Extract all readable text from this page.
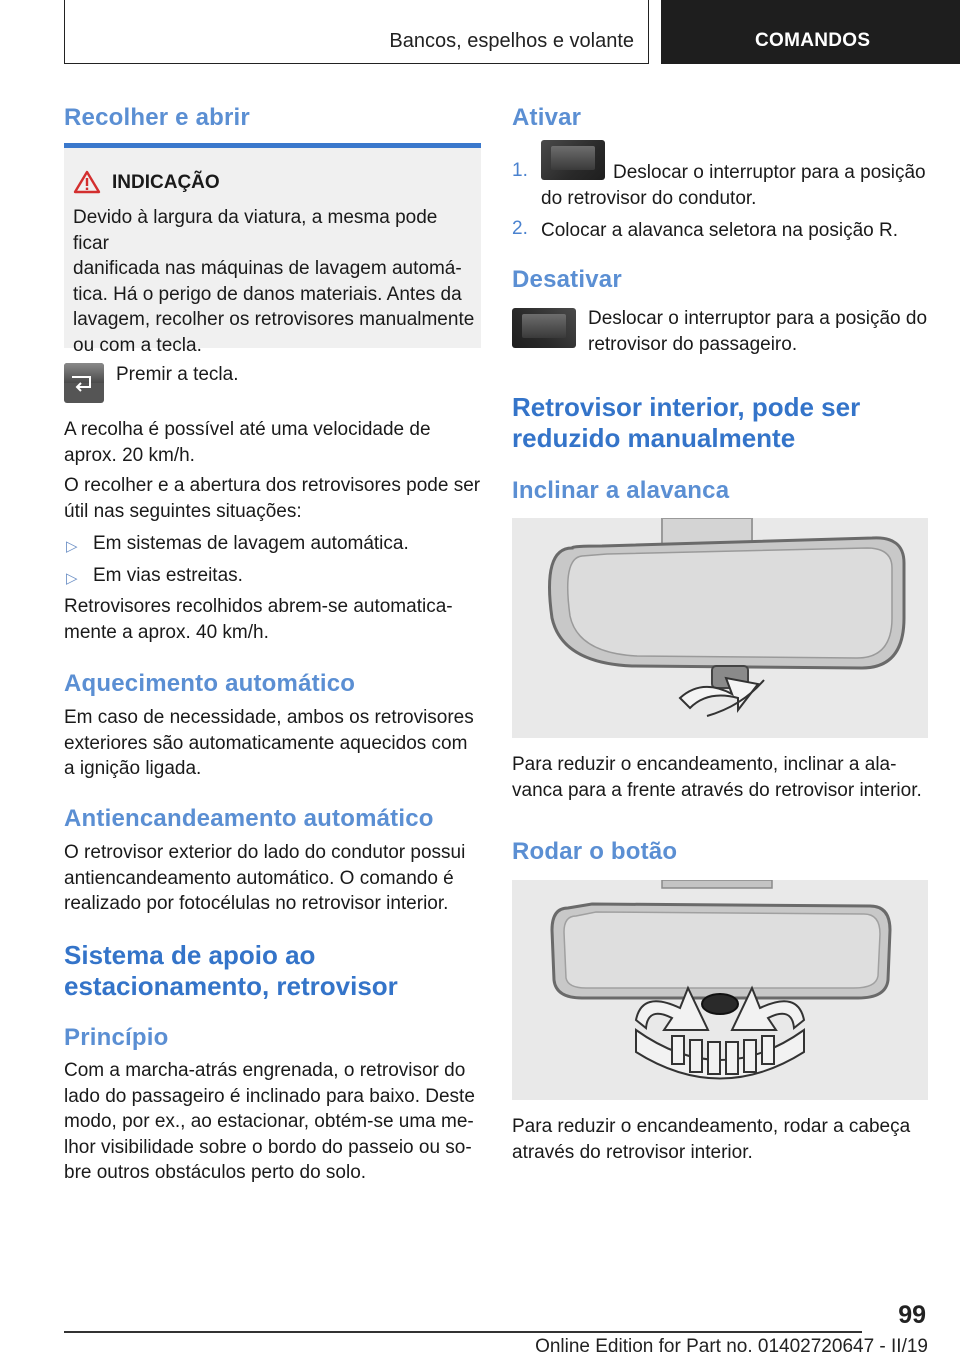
Bancos, espelhos e volante	COMANDOS
Recolher e abrir
INDICAÇÃO

Devido à largura da viatura, a mesma pode ficar
danificada nas máquinas de lavagem automá-
tica. Há o perigo de danos materiais. Antes da
lavagem, recolher os retrovisores manualmente
ou com a tecla.

Premir a tecla.

A recolha é possível até uma velocidade de
aprox. 20 km/h.

O recolher e a abertura dos retrovisores pode ser
útil nas seguintes situações:

▷ Em sistemas de lavagem automática.

▷ Em vias estreitas.

Retrovisores recolhidos abrem-se automatica-
mente a aprox. 40 km/h.

Aquecimento automático

Em caso de necessidade, ambos os retrovisores
exteriores são automaticamente aquecidos com
a ignição ligada.

Antiencandeamento automático

O retrovisor exterior do lado do condutor possui
antiencandeamento automático. O comando é
realizado por fotocélulas no retrovisor interior.

Sistema de apoio ao
estacionamento, retrovisor
Princípio

Com a marcha-atrás engrenada, o retrovisor do
lado do passageiro é inclinado para baixo. Deste
modo, por ex., ao estacionar, obtém-se uma me-
lhor visibilidade sobre o bordo do passeio ou so-
bre outros obstáculos perto do solo.

Ativar
1.	Deslocar o interruptor para a posição
do retrovisor do condutor.

2. Colocar a alavanca seletora na posição R.

Desativar

Deslocar o interruptor para a posição do
retrovisor do passageiro.

Retrovisor interior, pode ser
reduzido manualmente
Inclinar a alavanca

Para reduzir o encandeamento, inclinar a ala-
vanca para a frente através do retrovisor interior.

Rodar o botão

Para reduzir o encandeamento, rodar a cabeça
através do retrovisor interior.

99
Online Edition for Part no. 01402720647 - II/19
